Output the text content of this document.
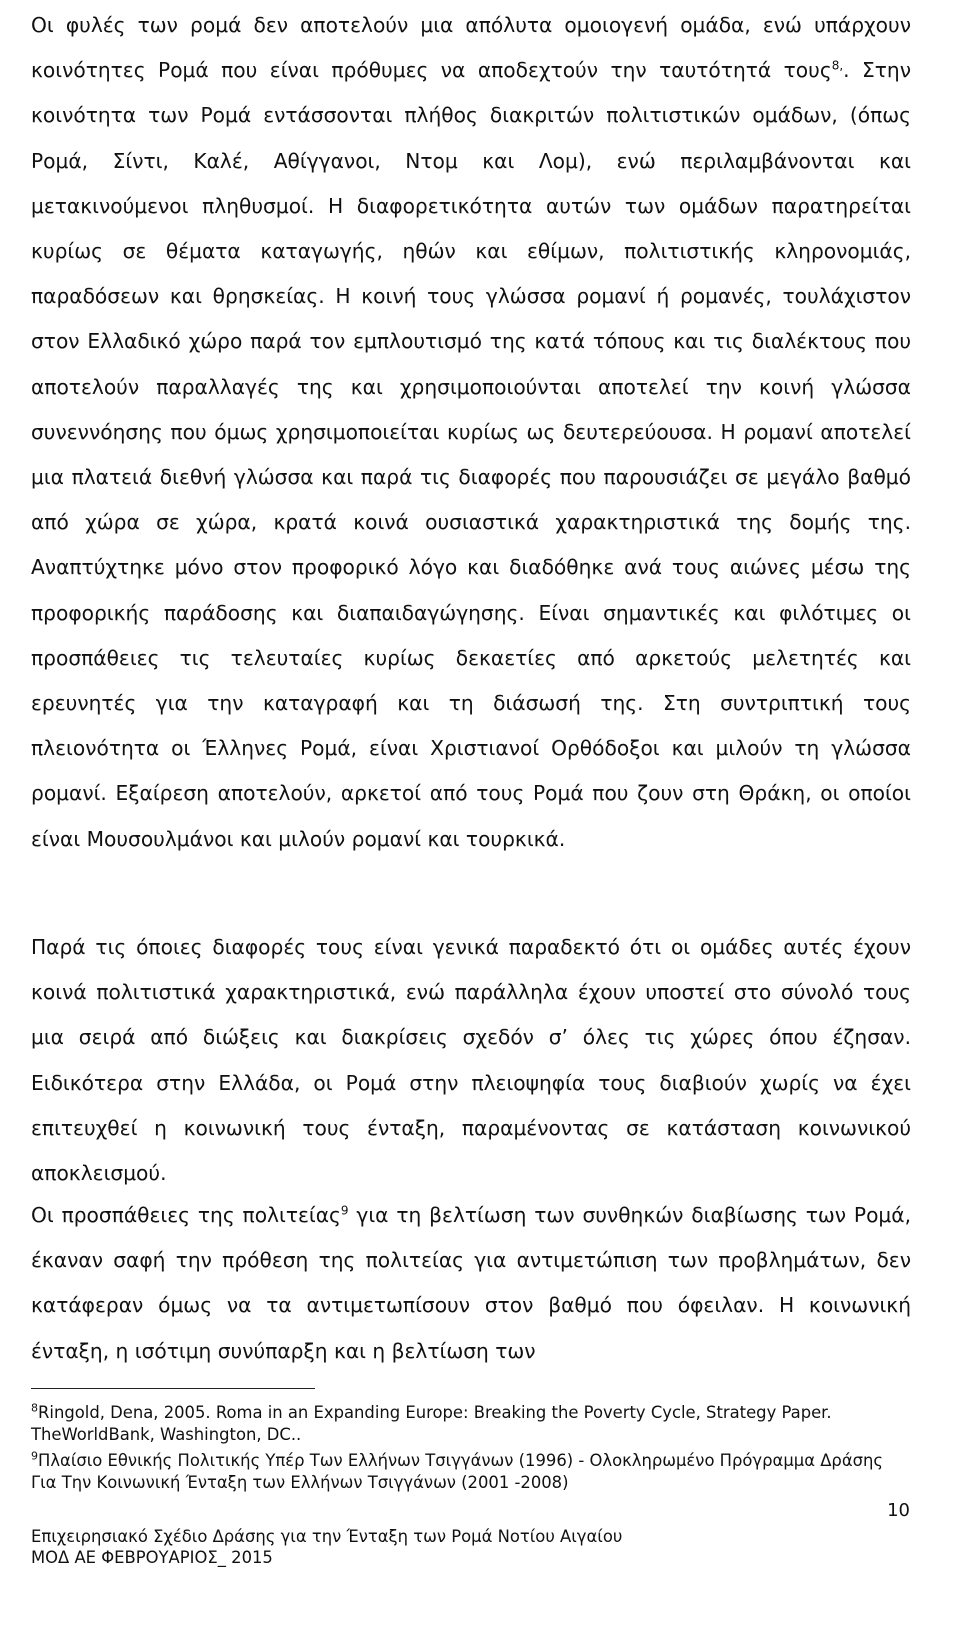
Οι φυλές των ρομά δεν αποτελούν μια απόλυτα ομοιογενή ομάδα, ενώ υπάρχουν κοινότητες Ρομά που είναι πρόθυμες να αποδεχτούν την ταυτότητά τους$^{8,}$. Στην κοινότητα των Ρομά εντάσσονται πλήθος διακριτών πολιτιστικών ομάδων, (όπως Ρομά, Σίντι, Καλέ, Αθίγγανοι, Ντομ και Λομ), ενώ περιλαμβάνονται και μετακινούμενοι πληθυσμοί. Η διαφορετικότητα αυτών των ομάδων παρατηρείται κυρίως σε θέματα καταγωγής, ηθών και εθίμων, πολιτιστικής κληρονομιάς, παραδόσεων και θρησκείας. Η κοινή τους γλώσσα ρομανί ή ρομανές, τουλάχιστον στον Ελλαδικό χώρο παρά τον εμπλουτισμό της κατά τόπους και τις διαλέκτους που αποτελούν παραλλαγές της και χρησιμοποιούνται αποτελεί την κοινή γλώσσα συνεννόησης που όμως χρησιμοποιείται κυρίως ως δευτερεύουσα. Η ρομανί αποτελεί μια πλατειά διεθνή γλώσσα και παρά τις διαφορές που παρουσιάζει σε μεγάλο βαθμό από χώρα σε χώρα, κρατά κοινά ουσιαστικά χαρακτηριστικά της δομής της. Αναπτύχτηκε μόνο στον προφορικό λόγο και διαδόθηκε ανά τους αιώνες μέσω της προφορικής παράδοσης και διαπαιδαγώγησης. Είναι σημαντικές και φιλότιμες οι προσπάθειες τις τελευταίες κυρίως δεκαετίες από αρκετούς μελετητές και ερευνητές για την καταγραφή και τη διάσωσή της. Στη συντριπτική τους πλειονότητα οι Έλληνες Ρομά, είναι Χριστιανοί Ορθόδοξοι και μιλούν τη γλώσσα ρομανί. Εξαίρεση αποτελούν, αρκετοί από τους Ρομά που ζουν στη Θράκη, οι οποίοι είναι Μουσουλμάνοι και μιλούν ρομανί και τουρκικά.

Παρά τις όποιες διαφορές τους είναι γενικά παραδεκτό ότι οι ομάδες αυτές έχουν κοινά πολιτιστικά χαρακτηριστικά, ενώ παράλληλα έχουν υποστεί στο σύνολό τους μια σειρά από διώξεις και διακρίσεις σχεδόν σ’ όλες τις χώρες όπου έζησαν. Ειδικότερα στην Ελλάδα, οι Ρομά στην πλειοψηφία τους διαβιούν χωρίς να έχει επιτευχθεί η κοινωνική τους ένταξη, παραμένοντας σε κατάσταση κοινωνικού αποκλεισμού.

Οι προσπάθειες της πολιτείας$^9$ για τη βελτίωση των συνθηκών διαβίωσης των Ρομά, έκαναν σαφή την πρόθεση της πολιτείας για αντιμετώπιση των προβλημάτων, δεν κατάφεραν όμως να τα αντιμετωπίσουν στον βαθμό που όφειλαν. Η κοινωνική ένταξη, η ισότιμη συνύπαρξη και η βελτίωση των

$^8$Ringold, Dena, 2005. Roma in an Expanding Europe: Breaking the Poverty Cycle, Strategy Paper. TheWorldBank, Washington, DC..

$^9$Πλαίσιο Εθνικής Πολιτικής Υπέρ Των Ελλήνων Τσιγγάνων (1996) - Ολοκληρωμένο Πρόγραμμα Δράσης Για Την Κοινωνική Ένταξη των Ελλήνων Τσιγγάνων (2001 -2008)

10
Επιχειρησιακό Σχέδιο Δράσης για την Ένταξη των Ρομά Νοτίου Αιγαίου
ΜΟΔ ΑΕ ΦΕΒΡΟΥΑΡΙΟΣ_ 2015
